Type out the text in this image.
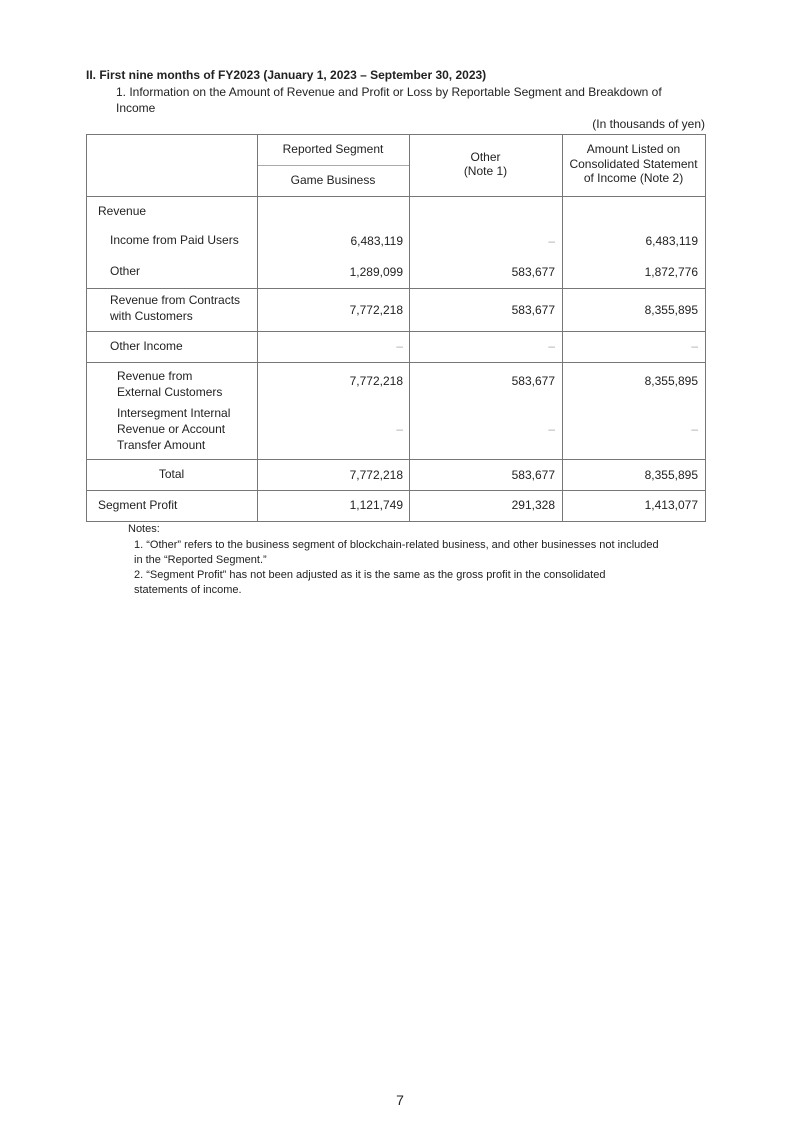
II. First nine months of FY2023 (January 1, 2023 – September 30, 2023)
1. Information on the Amount of Revenue and Profit or Loss by Reportable Segment and Breakdown of
Income
(In thousands of yen)
Reported Segment
Game Business
Other
(Note 1)
Amount Listed on
Consolidated Statement
of Income (Note 2)
Revenue
Income from Paid Users	6,483,119	–	6,483,119
Other	1,289,099	583,677	1,872,776
Revenue from Contracts
with Customers	7,772,218	583,677	8,355,895
Other Income	–	–	–
Revenue from
External Customers
7,772,218	583,677	8,355,895
Intersegment Internal
Revenue or Account
Transfer Amount
–	–	–
Total	7,772,218	583,677	8,355,895
Segment Profit	1,121,749	291,328	1,413,077
Notes:
1. “Other” refers to the business segment of blockchain-related business, and other businesses not included
in the “Reported Segment.”
2. “Segment Profit” has not been adjusted as it is the same as the gross profit in the consolidated
statements of income.
7
